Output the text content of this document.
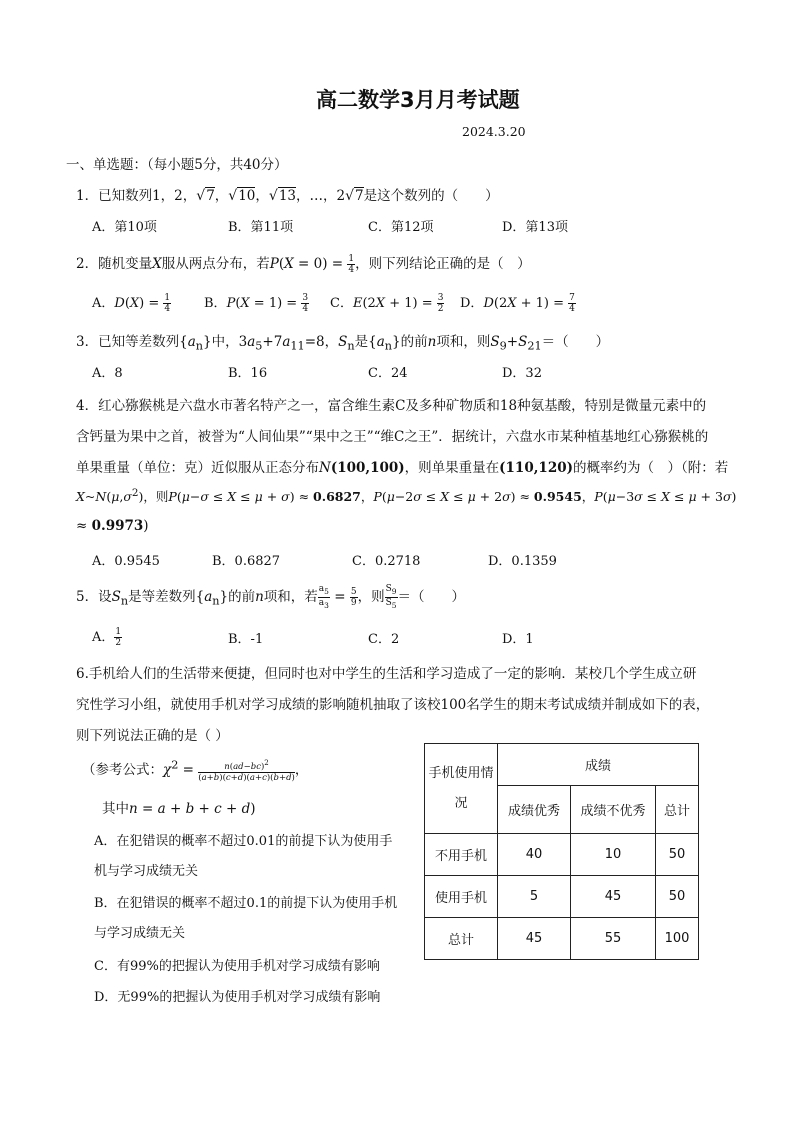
高二数学3月月考试题
2024.3.20
一、单选题：（每小题5分，共40分）
1．已知数列1，2，√7，√10，√13，…，2√7是这个数列的（　　）
A．第10项	B．第11项	C．第12项	D．第13项
2．随机变量X服从两点分布，若$P(X = 0) = \frac{1}{4}$ ，则下列结论正确的是（　）
A．$D(X) = \frac{1}{4}$	B．$P(X = 1) = \frac{3}{4}$ C．$E(2X + 1) = \frac{3}{2}$ D．$D(2X + 1) = \frac{7}{4}$
3．已知等差数列$\{a_n\}$中，$3a_5+7a_{11}=8$，$S_n$是$\{a_n\}$的前n项和，则$S_9+S_{21}=$（　　）
A．8	B．16	C．24	D．32
4．红心猕猴桃是六盘水市著名特产之一，富含维生素C及多种矿物质和18种氨基酸，特别是微量元素中的
含钙量为果中之首，被誉为“人间仙果”“果中之王”“维C之王”．据统计，六盘水市某种植基地红心猕猴桃的
单果重量（单位：克）近似服从正态分布N(100,100)，则单果重量在(110,120)的概率约为（　）（附：若
$X\sim N(\mu,\sigma^2)$，则P(μ−σ ≤ X ≤ μ + σ) ≈ 0.6827，P(μ−2σ ≤ X ≤ μ + 2σ) ≈ 0.9545，P(μ−3σ ≤ X ≤ μ + 3σ)
≈ 0.9973)
A．0.9545	B．0.6827	C．0.2718	D．0.1359
5．设$S_n$是等差数列$\{a_n\}$的前n项和，若 $\frac{a_5}{a_3} = \frac{5}{9}$ ，则 $\frac{S_9}{S_5}$ ＝（　　）
A． $\frac{1}{2}$	B．-1	C．2	D．1
6.手机给人们的生活带来便捷，但同时也对中学生的生活和学习造成了一定的影响．某校几个学生成立研
究性学习小组，就使用手机对学习成绩的影响随机抽取了该校100名学生的期末考试成绩并制成如下的表，
则下列说法正确的是（ ）
（参考公式：$\chi^2 = \frac{n(ad-bc)^2}{(a+b)(c+d)(a+c)(b+d)}$ ，
其中n = a + b + c + d)
A．在犯错误的概率不超过0.01的前提下认为使用手
机与学习成绩无关
B．在犯错误的概率不超过0.1的前提下认为使用手机
与学习成绩无关
C．有99%的把握认为使用手机对学习成绩有影响
D．无99%的把握认为使用手机对学习成绩有影响
手机使用情况	成绩		
	成绩优秀	成绩不优秀	总计
不用手机	40	10	50
使用手机	5	45	50
总计	45	55	100
